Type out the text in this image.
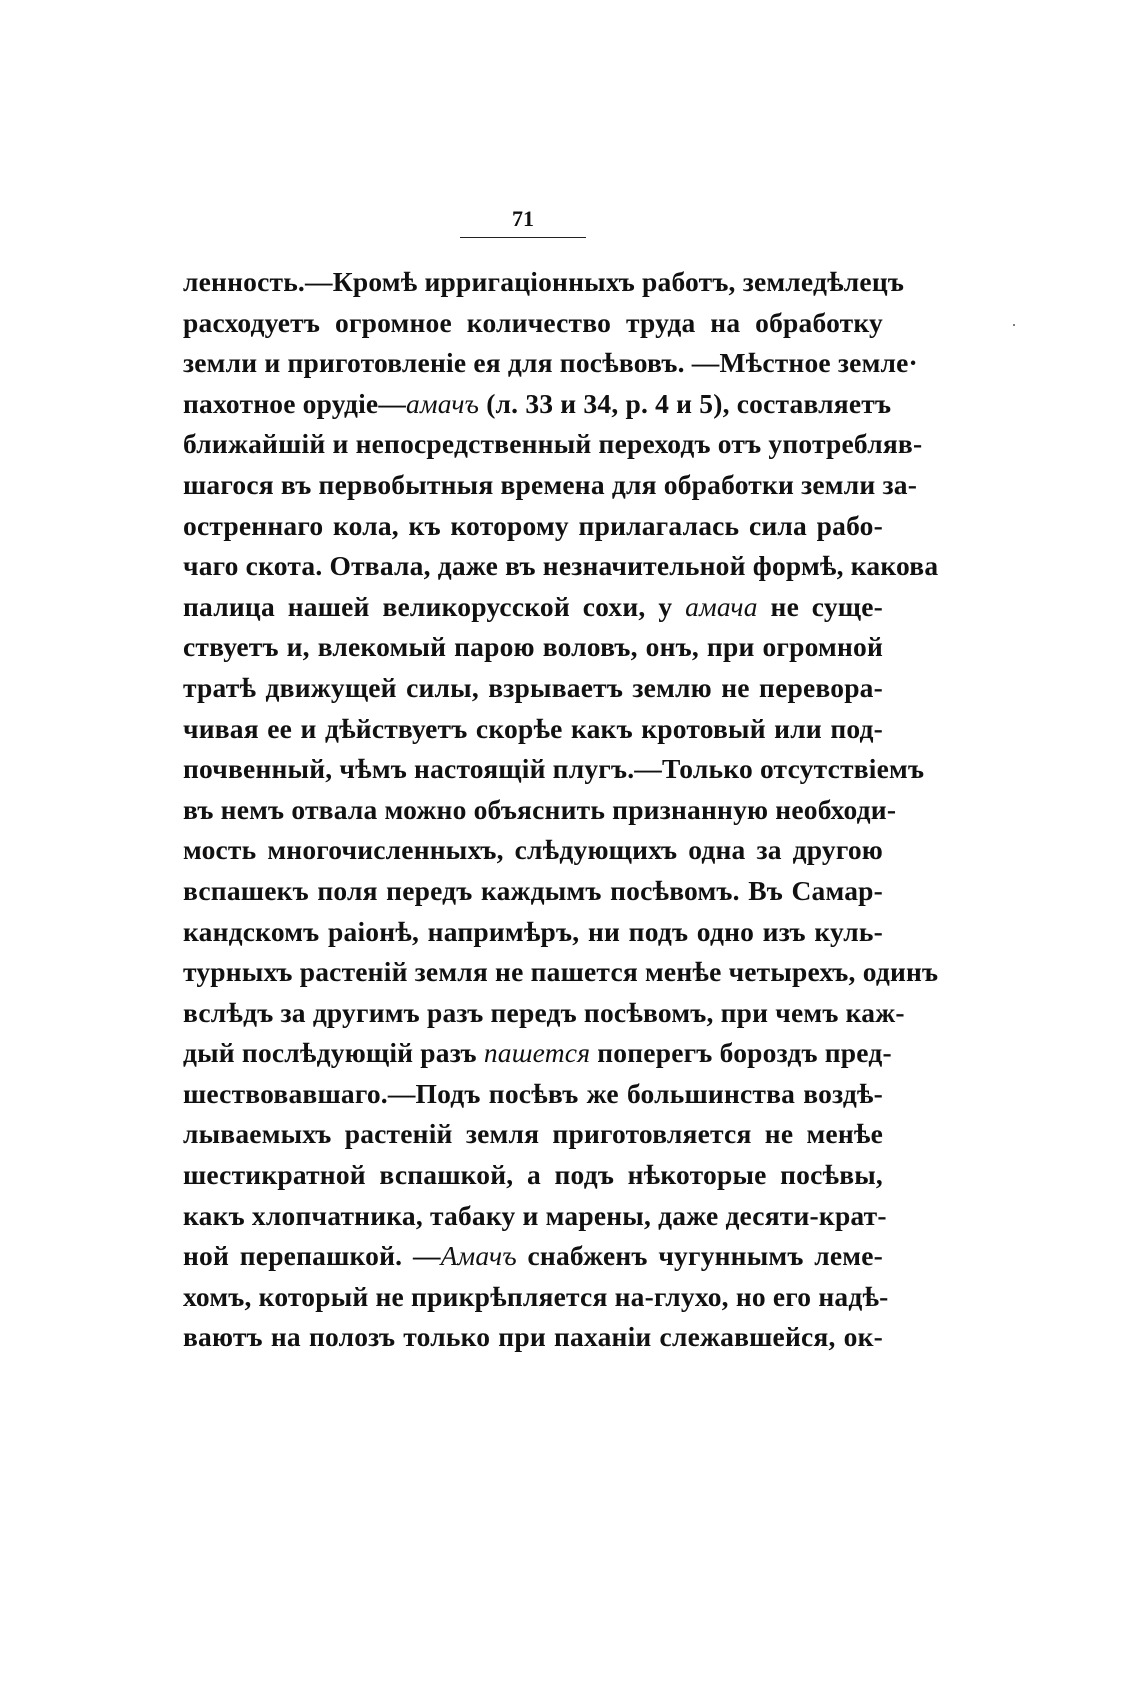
71
ленность.—Кромѣ ирригаціонныхъ работъ, земледѣлецъ
расходуетъ огромное количество труда на обработку
земли и приготовленіе ея для посѣвовъ. —Мѣстное земле·
пахотное орудіе—амачъ (л. 33 и 34, р. 4 и 5), составляетъ
ближайшій и непосредственный переходъ отъ употребляв-
шагося въ первобытныя времена для обработки земли за-
остреннаго кола, къ которому прилагалась сила рабо-
чаго скота. Отвала, даже въ незначительной формѣ, какова
палица нашей великорусской сохи, у амача не суще-
ствуетъ и, влекомый парою воловъ, онъ, при огромной
тратѣ движущей силы, взрываетъ землю не перевора-
чивая ее и дѣйствуетъ скорѣе какъ кротовый или под-
почвенный, чѣмъ настоящій плугъ.—Только отсутствіемъ
въ немъ отвала можно объяснить признанную необходи-
мость многочисленныхъ, слѣдующихъ одна за другою
вспашекъ поля передъ каждымъ посѣвомъ. Въ Самар-
кандскомъ раіонѣ, напримѣръ, ни подъ одно изъ куль-
турныхъ растеній земля не пашется менѣе четырехъ, одинъ
вслѣдъ за другимъ разъ передъ посѣвомъ, при чемъ каж-
дый послѣдующій разъ пашется поперегъ бороздъ пред-
шествовавшаго.—Подъ посѣвъ же большинства воздѣ-
лываемыхъ растеній земля приготовляется не менѣе
шестикратной вспашкой, а подъ нѣкоторые посѣвы,
какъ хлопчатника, табаку и марены, даже десяти-крат-
ной перепашкой. —Амачъ снабженъ чугуннымъ леме-
хомъ, который не прикрѣпляется на-глухо, но его надѣ-
ваютъ на полозъ только при паханіи слежавшейся, ок-
